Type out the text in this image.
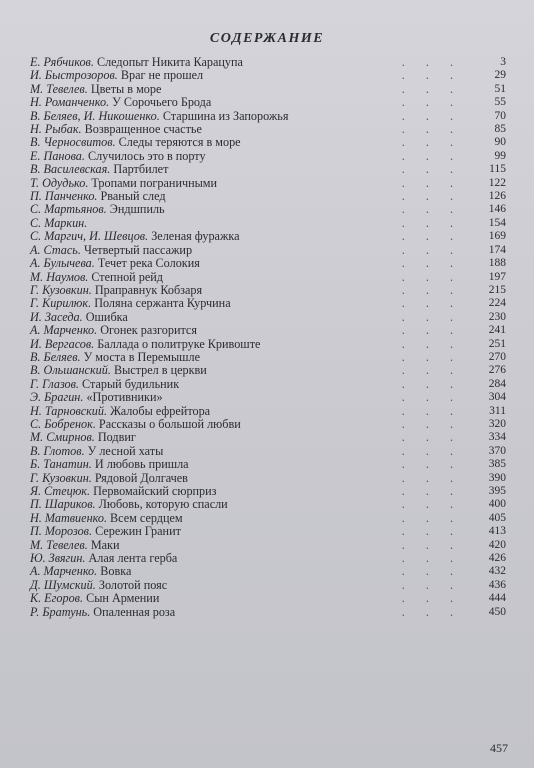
СОДЕРЖАНИЕ
Е. Рябчиков. Следопыт Никита Карацупа	. . .	3
И. Быстрозоров. Враг не прошел	. . .	29
М. Тевелев. Цветы в море	. . .	51
Н. Романченко. У Сорочьего Брода	. . .	55
В. Беляев, И. Никошенко. Старшина из Запорожья	. . .	70
Н. Рыбак. Возвращенное счастье	. . .	85
В. Черносвитов. Следы теряются в море	. . .	90
Е. Панова. Случилось это в порту	. . .	99
В. Василевская. Партбилет	. . .	115
Т. Одудько. Тропами пограничными	. . .	122
П. Панченко. Рваный след	. . .	126
С. Мартьянов. Эндшпиль	. . .	146
С. Маркин.	. . .	154
С. Маргич, И. Шевцов. Зеленая фуражка	. . .	169
А. Стась. Четвертый пассажир	. . .	174
А. Булычева. Течет река Солокия	. . .	188
М. Наумов. Степной рейд	. . .	197
Г. Кузовкин. Праправнук Кобзаря	. . .	215
Г. Кирилюк. Поляна сержанта Курчина	. . .	224
И. Заседа. Ошибка	. . .	230
А. Марченко. Огонек разгорится	. . .	241
И. Вергасов. Баллада о политруке Кривоште	. . .	251
В. Беляев. У моста в Перемышле	. . .	270
В. Ольшанский. Выстрел в церкви	. . .	276
Г. Глазов. Старый будильник	. . .	284
Э. Брагин. «Противники»	. . .	304
Н. Тарновский. Жалобы ефрейтора	. . .	311
С. Бобренок. Рассказы о большой любви	. . .	320
М. Смирнов. Подвиг	. . .	334
В. Глотов. У лесной хаты	. . .	370
Б. Танатин. И любовь пришла	. . .	385
Г. Кузовкин. Рядовой Долгачев	. . .	390
Я. Стецюк. Первомайский сюрприз	. . .	395
П. Шариков. Любовь, которую спасли	. . .	400
Н. Матвиенко. Всем сердцем	. . .	405
П. Морозов. Сережин Гранит	. . .	413
М. Тевелев. Маки	. . .	420
Ю. Звягин. Алая лента герба	. . .	426
А. Марченко. Вовка	. . .	432
Д. Шумский. Золотой пояс	. . .	436
К. Егоров. Сын Армении	. . .	444
Р. Братунь. Опаленная роза	. . .	450
457
